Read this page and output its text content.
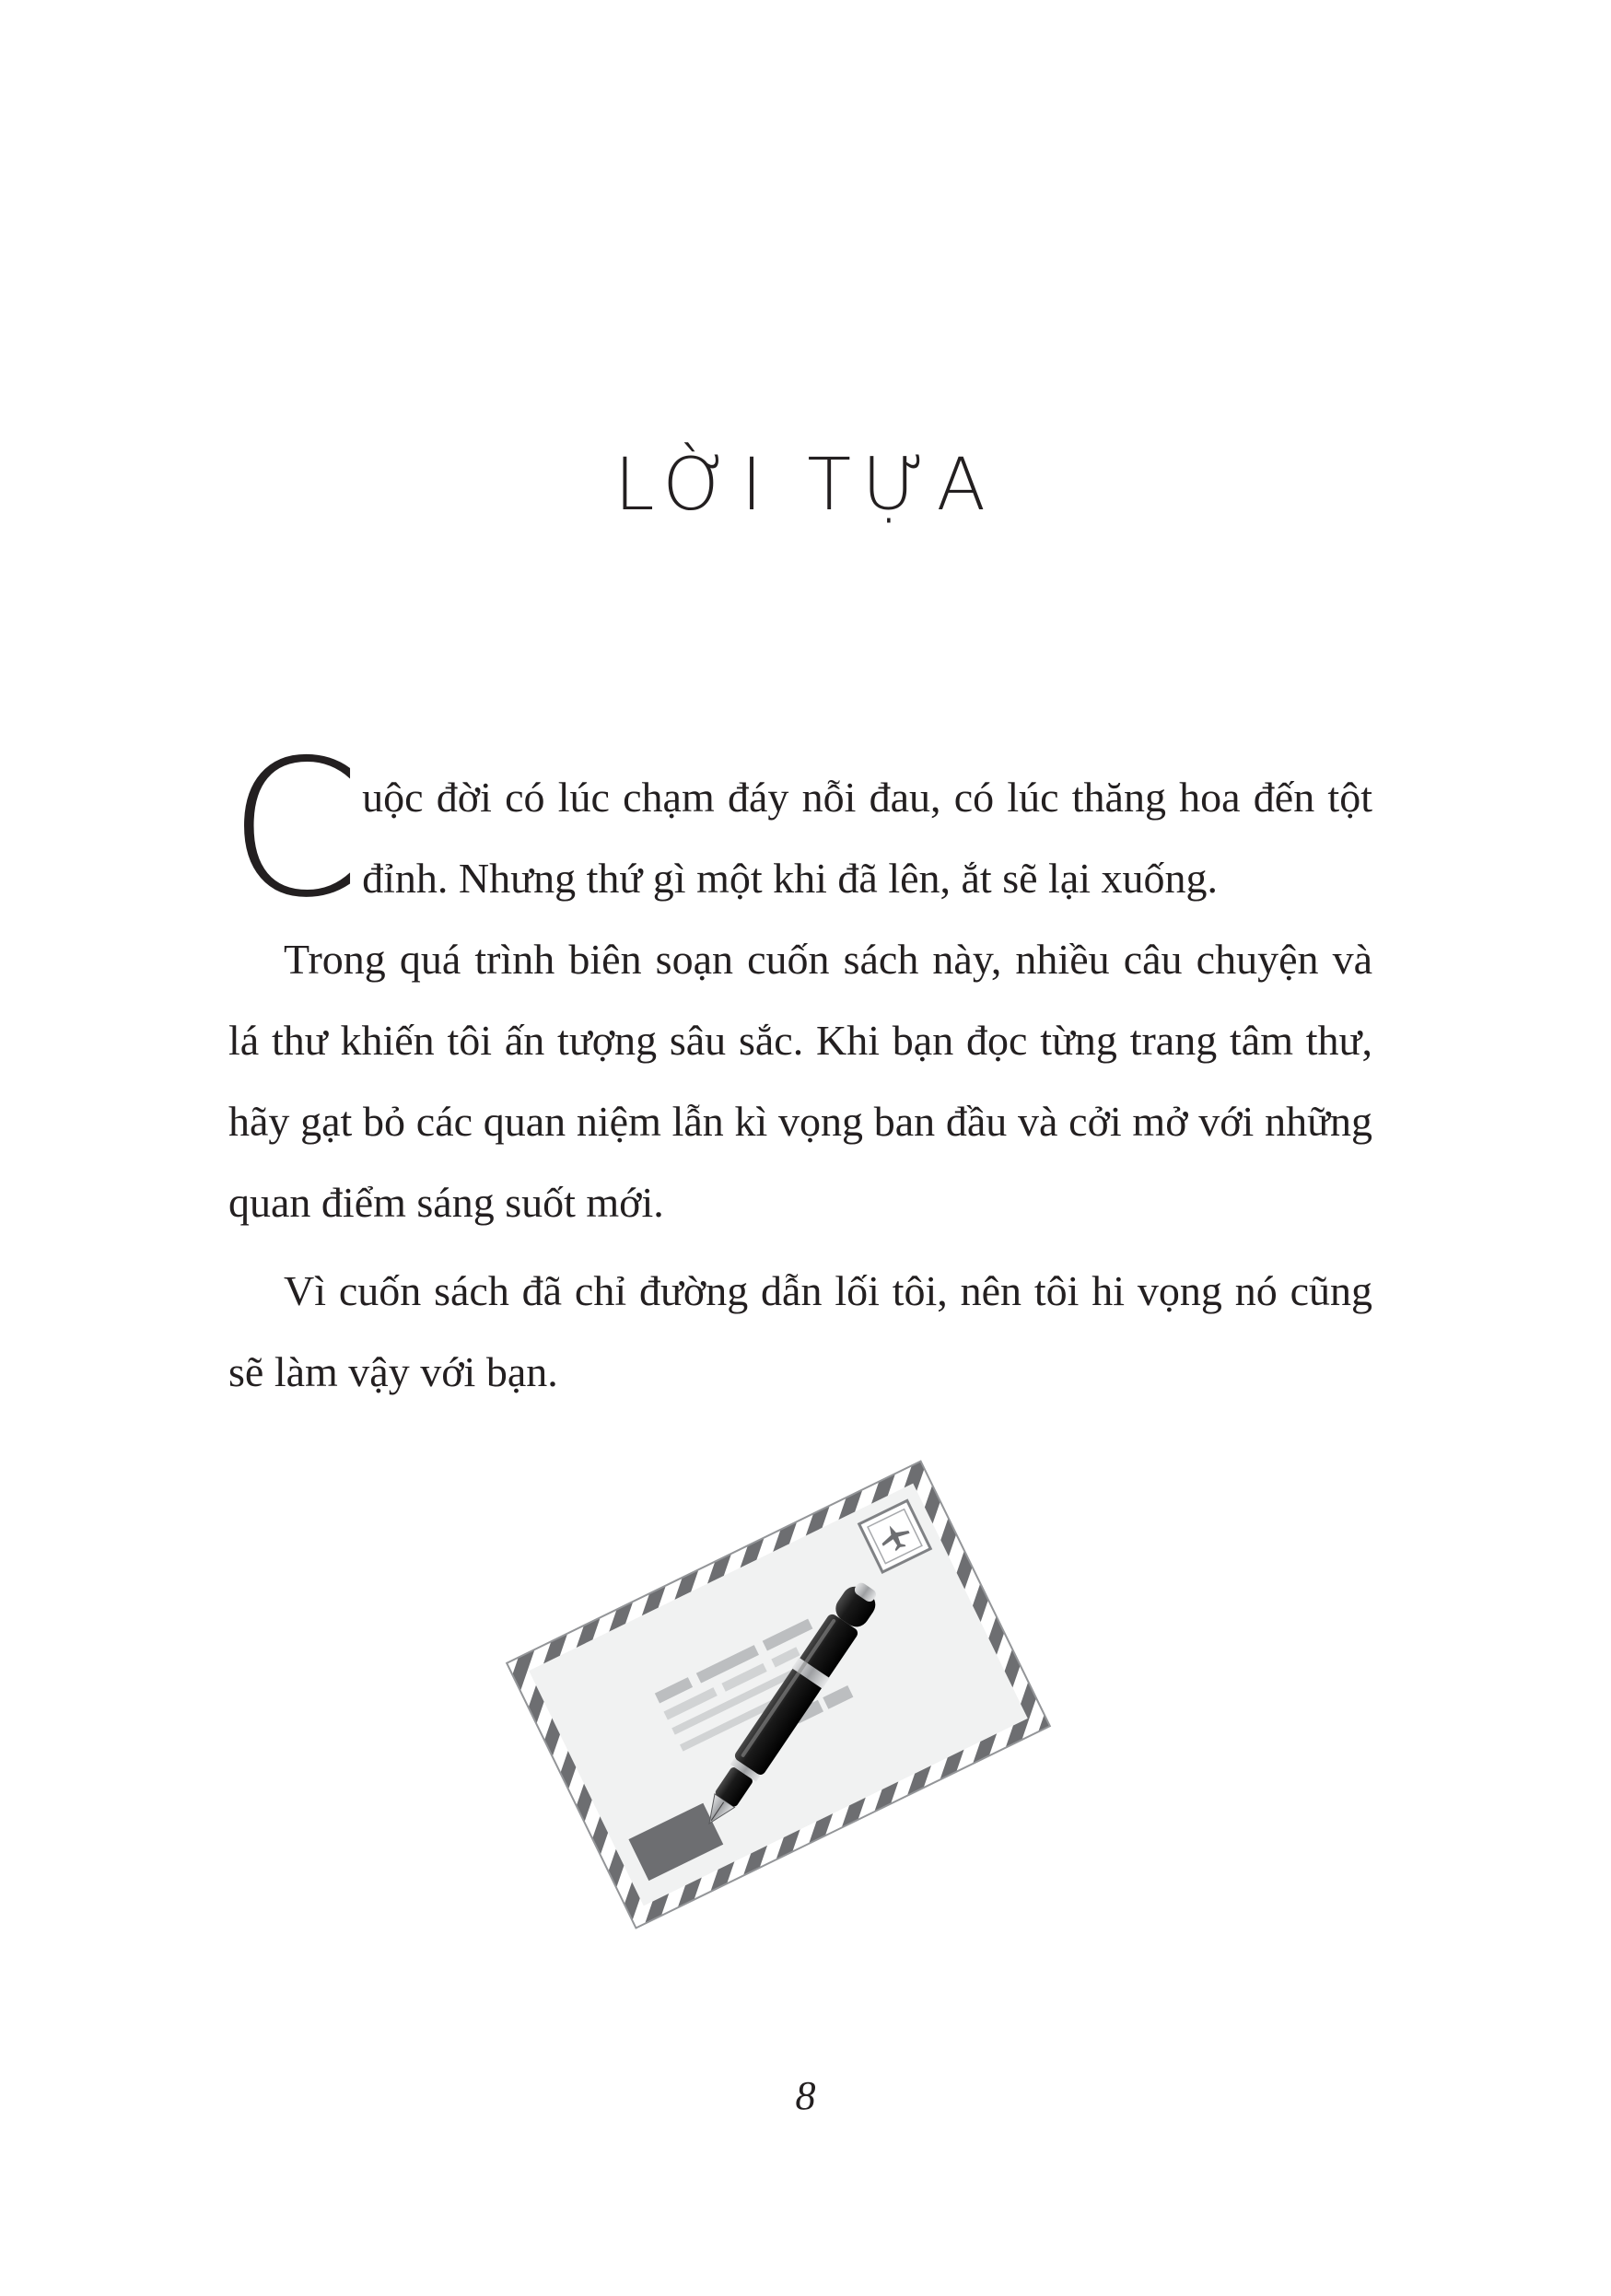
LỜI TỰA
C uộc đời có lúc chạm đáy nỗi đau, có lúc thăng hoa đến tột đỉnh. Nhưng thứ gì một khi đã lên, ắt sẽ lại xuống.

Trong quá trình biên soạn cuốn sách này, nhiều câu chuyện và lá thư khiến tôi ấn tượng sâu sắc. Khi bạn đọc từng trang tâm thư, hãy gạt bỏ các quan niệm lẫn kì vọng ban đầu và cởi mở với những quan điểm sáng suốt mới.

Vì cuốn sách đã chỉ đường dẫn lối tôi, nên tôi hi vọng nó cũng sẽ làm vậy với bạn.

8
